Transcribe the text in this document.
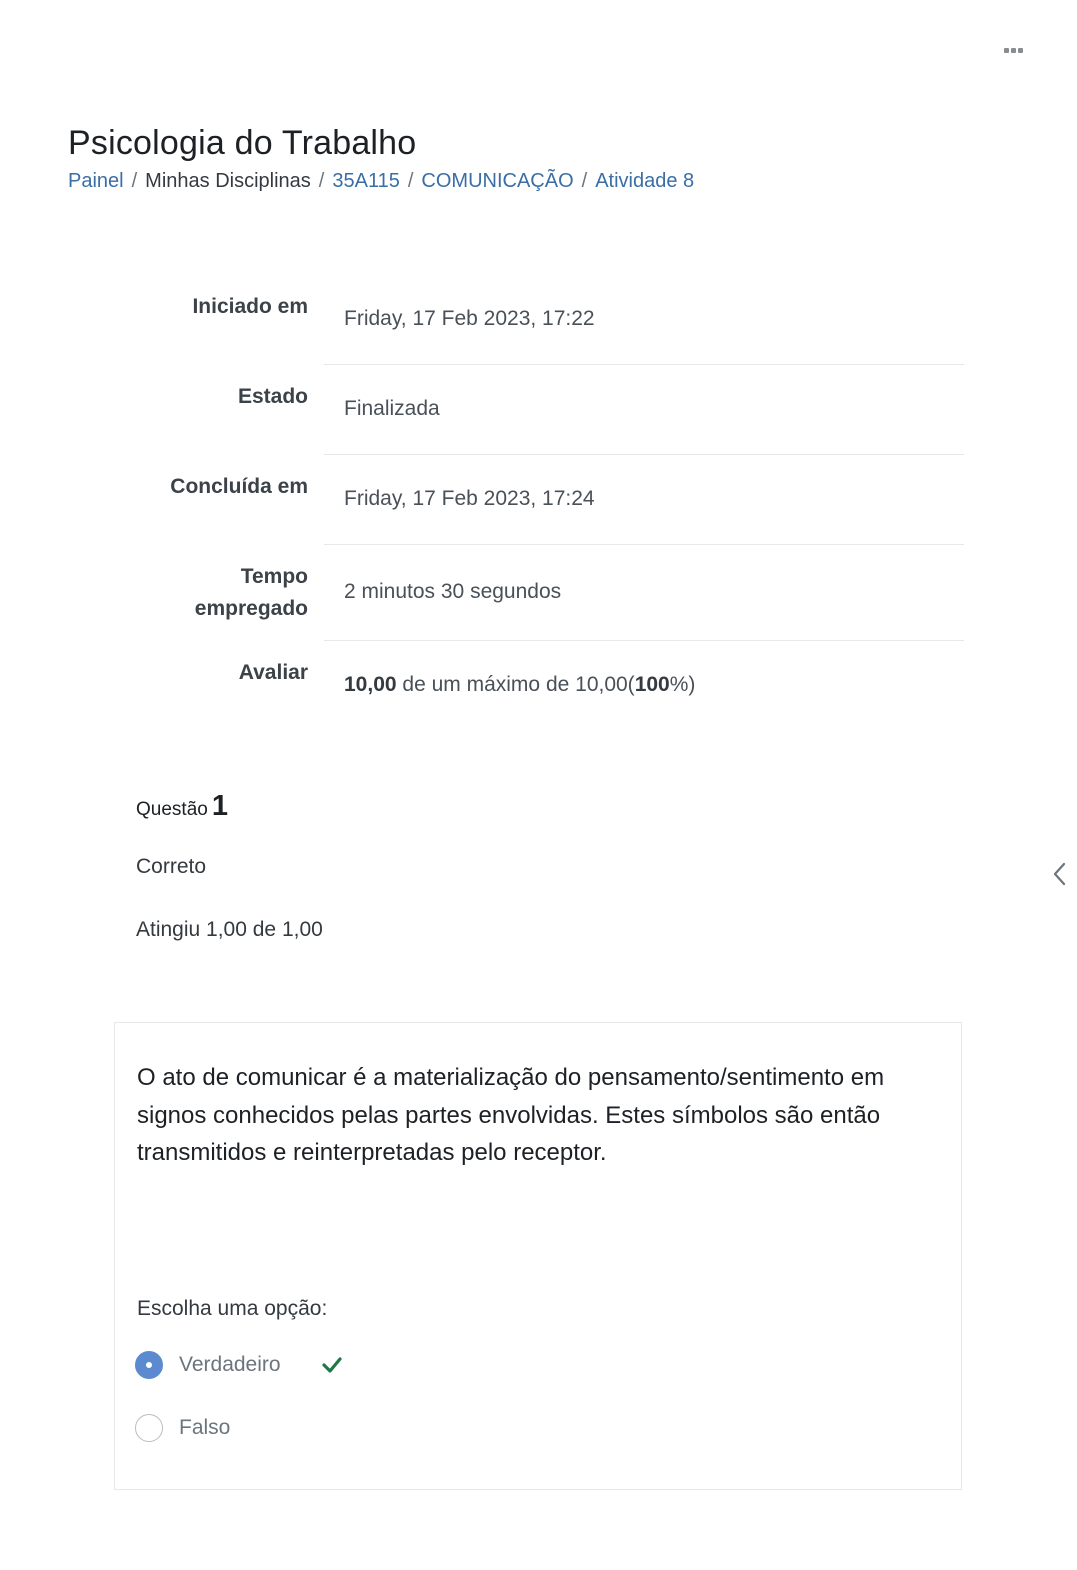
Psicologia do Trabalho
Painel / Minhas Disciplinas / 35A115 / COMUNICAÇÃO / Atividade 8
Iniciado em
Friday, 17 Feb 2023, 17:22
Estado
Finalizada
Concluída em
Friday, 17 Feb 2023, 17:24
Tempo
empregado
2 minutos 30 segundos
Avaliar
10,00 de um máximo de 10,00(100%)
Questão 1
Correto
Atingiu 1,00 de 1,00
O ato de comunicar é a materialização do pensamento/sentimento em signos conhecidos pelas partes envolvidas. Estes símbolos são então transmitidos e reinterpretadas pelo receptor.
Escolha uma opção:
Verdadeiro
Falso
